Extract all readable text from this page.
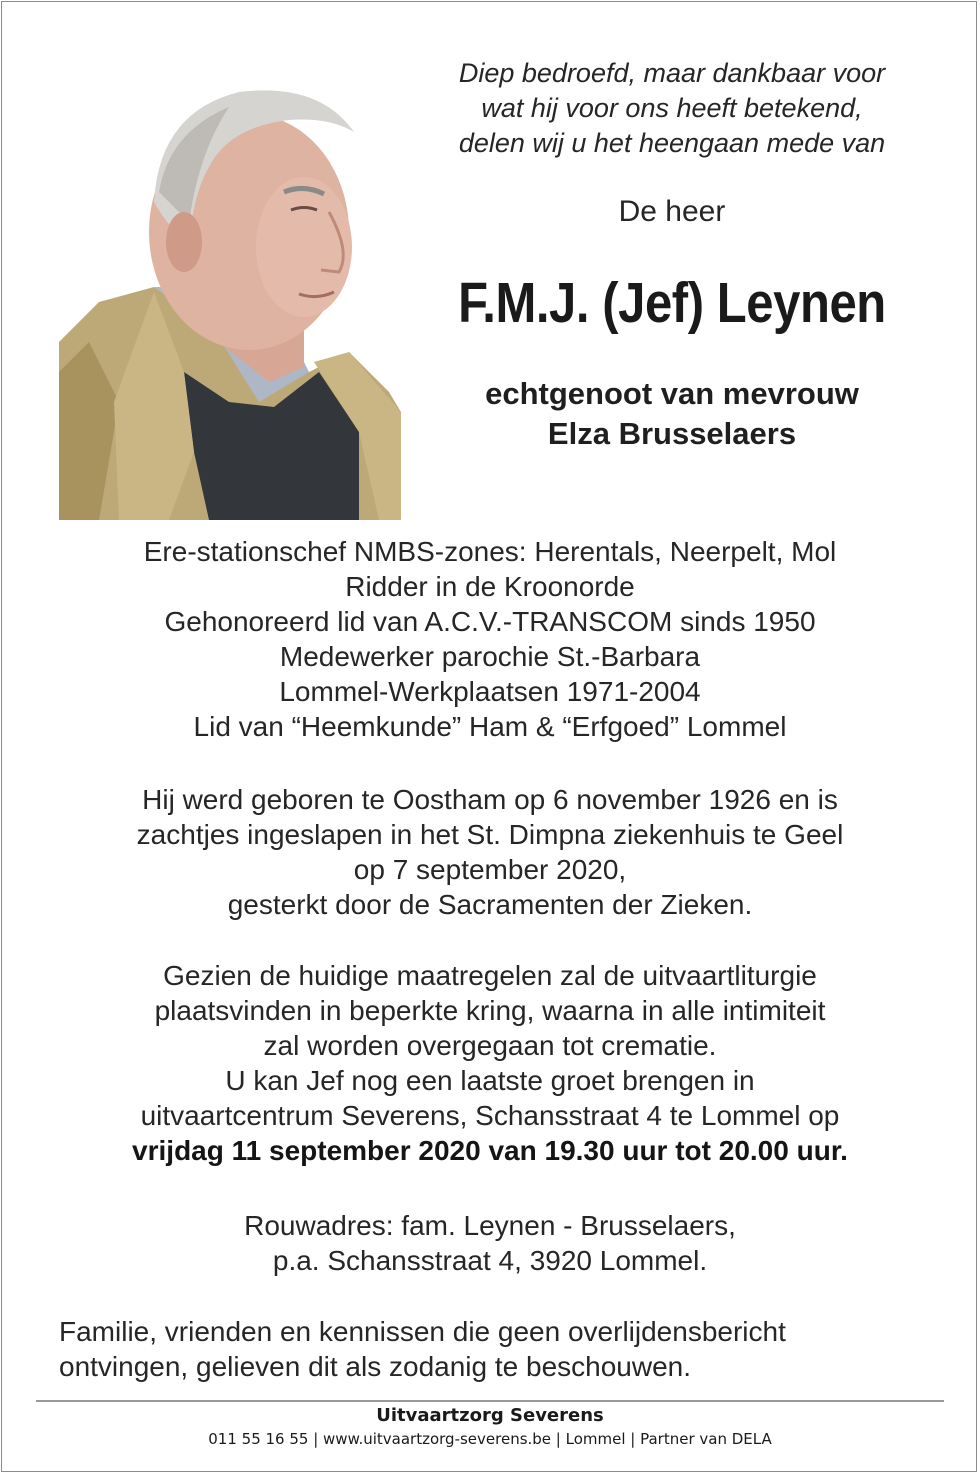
Diep bedroefd, maar dankbaar voor
wat hij voor ons heeft betekend,
delen wij u het heengaan mede van
De heer
F.M.J. (Jef) Leynen
echtgenoot van mevrouw
Elza Brusselaers
Ere-stationschef NMBS-zones: Herentals, Neerpelt, Mol
Ridder in de Kroonorde
Gehonoreerd lid van A.C.V.-TRANSCOM sinds 1950
Medewerker parochie St.-Barbara
Lommel-Werkplaatsen 1971-2004
Lid van “Heemkunde” Ham & “Erfgoed” Lommel
Hij werd geboren te Oostham op 6 november 1926 en is
zachtjes ingeslapen in het St. Dimpna ziekenhuis te Geel
op 7 september 2020,
gesterkt door de Sacramenten der Zieken.
Gezien de huidige maatregelen zal de uitvaartliturgie
plaatsvinden in beperkte kring, waarna in alle intimiteit
zal worden overgegaan tot crematie.
U kan Jef nog een laatste groet brengen in
uitvaartcentrum Severens, Schansstraat 4 te Lommel op
vrijdag 11 september 2020 van 19.30 uur tot 20.00 uur.
Rouwadres: fam. Leynen - Brusselaers,
p.a. Schansstraat 4, 3920 Lommel.
Familie, vrienden en kennissen die geen overlijdensbericht
ontvingen, gelieven dit als zodanig te beschouwen.
Uitvaartzorg Severens
011 55 16 55 | www.uitvaartzorg-severens.be | Lommel | Partner van DELA
